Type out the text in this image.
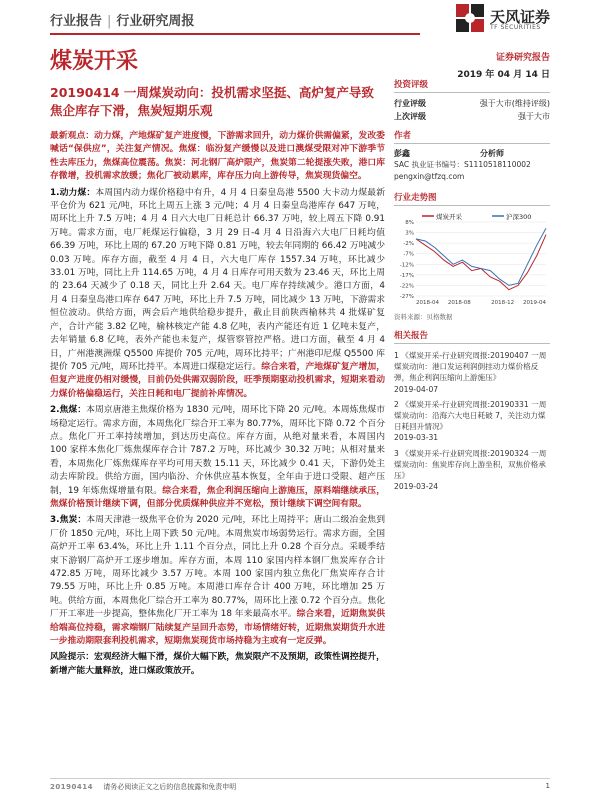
行业报告 | 行业研究周报	天风证券
TF SECURITIES
煤炭开采	证券研究报告
2019 年 04 月 14 日
20190414 一周煤炭动向：投机需求坚挺、高炉复产导致焦企库存下滑，焦炭短期乐观

最新观点：动力煤，产地煤矿复产进度慢，下游需求回升，动力煤价供需偏紧，发改委喊话“保供应”，关注复产情况。焦煤：临汾复产缓慢以及进口澳煤受限对冲下游季节性去库压力，焦煤高位震荡。焦炭：河北钢厂高炉限产，焦炭第二轮提涨失败，港口库存微增，投机需求放缓；焦化厂被动累库，库存压力向上游传导，焦炭现货偏空。

1.动力煤：本周国内动力煤价格稳中有升，4 月 4 日秦皇岛港 5500 大卡动力煤最新平仓价为 621 元/吨，环比上周五上涨 3 元/吨；4 月 4 日秦皇岛港库存 647 万吨，周环比上升 7.5 万吨；4 月 4 日六大电厂日耗总计 66.37 万吨，较上周五下降 0.91 万吨。需求方面，电厂耗煤运行偏稳，3 月 29 日-4 月 4 日沿海六大电厂日耗均值 66.39 万吨，环比上周的 67.20 万吨下降 0.81 万吨，较去年同期的 66.42 万吨减少 0.03 万吨。库存方面，截至 4 月 4 日，六大电厂库存 1557.34 万吨，环比减少 33.01 万吨，同比上升 114.65 万吨，4 月 4 日库存可用天数为 23.46 天，环比上周的 23.64 天减少了 0.18 天，同比上升 2.64 天。电厂库存持续减少。港口方面，4 月 4 日秦皇岛港口库存 647 万吨，环比上升 7.5 万吨，同比减少 13 万吨，下游需求恒位波动。供给方面，两会后产地供给稳步提升，截止目前陕西榆林共 4 批煤矿复产，合计产能 3.82 亿吨，榆林核定产能 4.8 亿吨，表内产能还有近 1 亿吨未复产，去年销量 6.8 亿吨，表外产能也未复产，煤管察管控严格。进口方面，截至 4 月 4 日，广州港澳洲煤 Q5500 库提价 705 元/吨，周环比持平；广州港印尼煤 Q5500 库提价 705 元/吨，周环比持平。本周进口煤稳定运行。综合来看，产地煤矿复产增加，但复产进度仍相对缓慢，目前仍处供需双弱阶段，旺季预期驱动投机需求，短期来看动力煤价格偏稳运行，关注日耗和电厂提前补库情况。

2.焦煤：本周京唐港主焦煤价格为 1830 元/吨，周环比下降 20 元/吨。本周炼焦煤市场稳定运行。需求方面，本周焦化厂综合开工率为 80.77%，周环比下降 0.72 个百分点。焦化厂开工率持续增加，到达历史高位。库存方面，从绝对量来看，本周国内 100 家样本焦化厂炼焦煤库存合计 787.2 万吨，环比减少 30.32 万吨；从相对量来看，本周焦化厂炼焦煤库存平均可用天数 15.11 天，环比减少 0.41 天，下游仍处主动去库阶段。供给方面，国内临汾、介休供应基本恢复，全年由于进口受限、超产压制，19 年炼焦煤增量有限。综合来看，焦企利润压缩向上游施压，原料端继续承压，焦煤价格预计继续下调，但部分优质煤种供应并不宽松，预计继续下调空间有限。

3.焦炭：本周天津港一级焦平仓价为 2020 元/吨，环比上周持平；唐山二级冶金焦到厂价 1850 元/吨，环比上周下跌 50 元/吨。本周焦炭市场弱势运行。需求方面，全国高炉开工率 63.4%，环比上升 1.11 个百分点，同比上升 0.28 个百分点。采暖季结束下游钢厂高炉开工逐步增加。库存方面，本周 110 家国内样本钢厂焦炭库存合计 472.85 万吨，周环比减少 3.57 万吨。本周 100 家国内独立焦化厂焦炭库存合计 79.55 万吨，环比上升 0.85 万吨。本周港口库存合计 400 万吨，环比增加 25 万吨。供给方面，本周焦化厂综合开工率为 80.77%，周环比上涨 0.72 个百分点。焦化厂开工率进一步提高，整体焦化厂开工率为 18 年来最高水平。综合来看，近期焦炭供给端高位持稳，需求端钢厂陆续复产呈回升态势，市场情绪好转，近期焦炭期货升水进一步推动期限套利投机需求，短期焦炭现货市场持稳为主或有一定反弹。

风险提示：宏观经济大幅下滑，煤价大幅下跌，焦炭限产不及预期，政策性调控提升，新增产能大量释放，进口煤政策放开。

投资评级
行业评级	强于大市(维持评级)
上次评级	强于大市
作者
彭鑫	分析师
SAC 执业证书编号：S1110518110002
pengxin@tfzq.com
行业走势图
8%
3%
-2%
-7%
-12%
-17%
-22%
-27%
2018-04 2018-08	2018-12 2019-04
煤炭开采	沪深300
资料来源：贝格数据
相关报告
1 《煤炭开采-行业研究周报:20190407 一周煤炭动向：港口发运利润倒挂动力煤价格反弹，焦企利润压缩向上游施压》
2019-04-07
2 《煤炭开采-行业研究周报:20190331 一周煤炭动向：沿海六大电日耗破 7，关注动力煤日耗回升情况》
2019-03-31
3 《煤炭开采-行业研究周报:20190324 一周煤炭动向：焦炭库存向上游坐积，双焦价格承压》
2019-03-24
20190414 请务必阅读正文之后的信息披露和免责申明	1
